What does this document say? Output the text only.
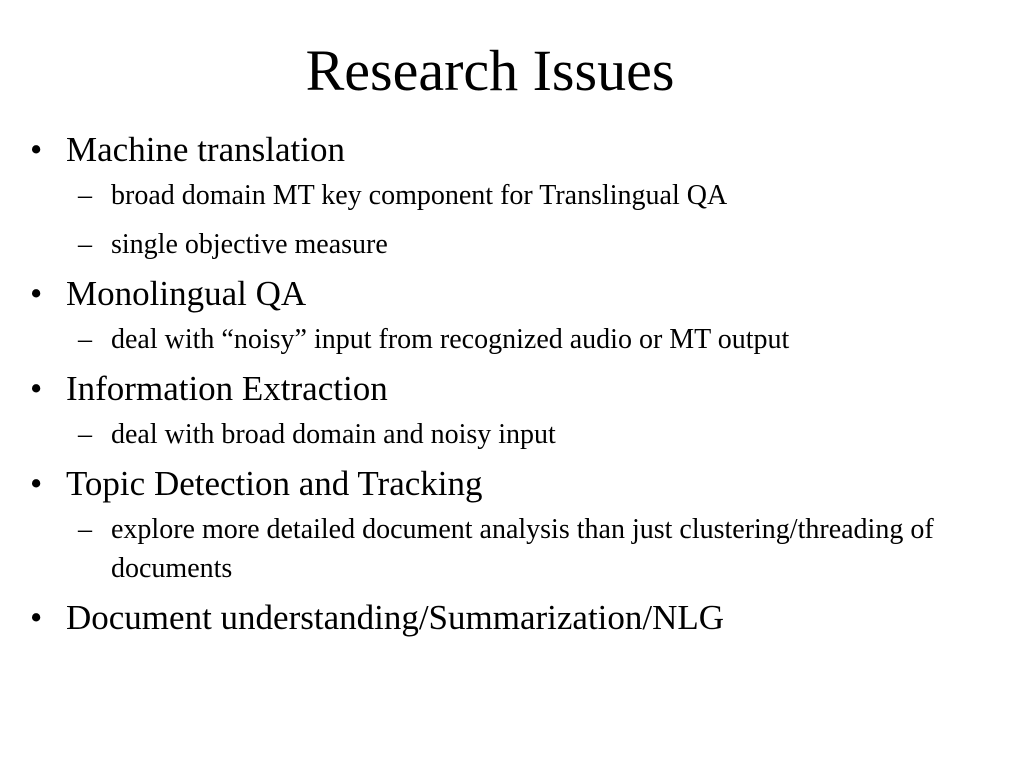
Research Issues
• Machine translation
– broad domain MT key component for Translingual QA
– single objective measure
• Monolingual QA
– deal with “noisy” input from recognized audio or MT output
• Information Extraction
– deal with broad domain and noisy input
• Topic Detection and Tracking
– explore more detailed document analysis than just clustering/threading of documents
• Document understanding/Summarization/NLG
